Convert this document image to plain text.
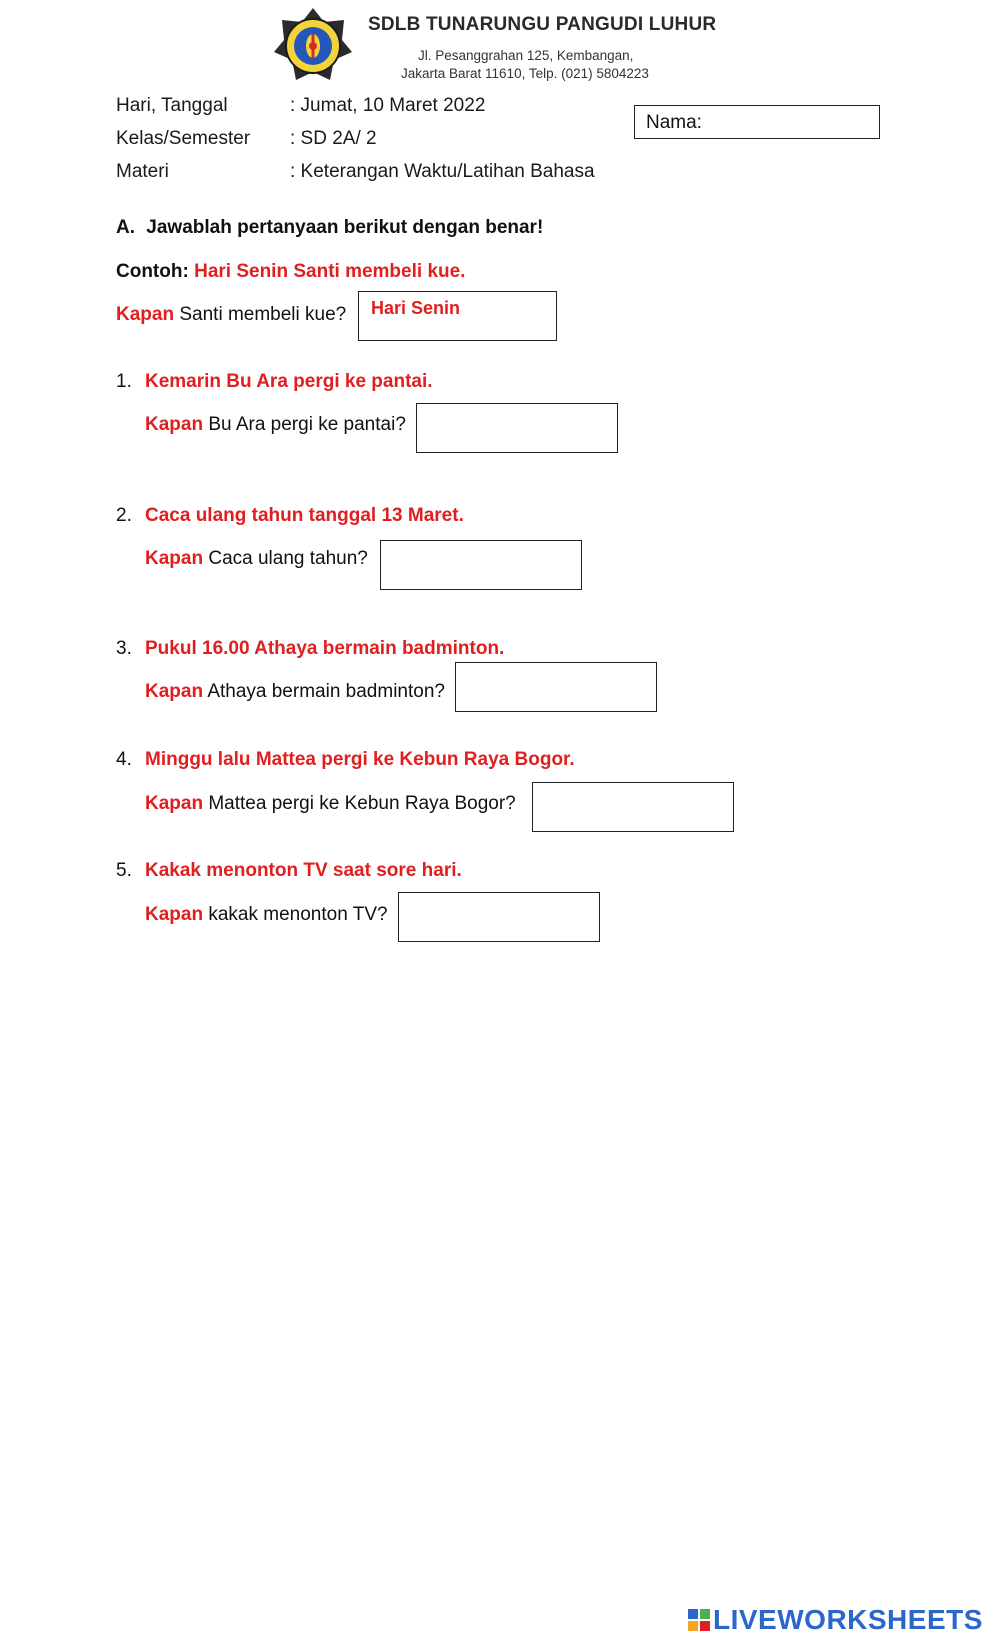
SDLB TUNARUNGU PANGUDI LUHUR
Jl. Pesanggrahan 125, Kembangan,
Jakarta Barat 11610, Telp. (021) 5804223
Hari, Tanggal	: Jumat, 10 Maret 2022
Kelas/Semester : SD 2A/ 2
Materi	: Keterangan Waktu/Latihan Bahasa
Nama:
A. Jawablah pertanyaan berikut dengan benar!
Contoh: Hari Senin Santi membeli kue.
Kapan Santi membeli kue?	Hari Senin
1. Kemarin Bu Ara pergi ke pantai.
Kapan Bu Ara pergi ke pantai?
2. Caca ulang tahun tanggal 13 Maret.
Kapan Caca ulang tahun?
3. Pukul 16.00 Athaya bermain badminton.
Kapan Athaya bermain badminton?
4. Minggu lalu Mattea pergi ke Kebun Raya Bogor.
Kapan Mattea pergi ke Kebun Raya Bogor?
5. Kakak menonton TV saat sore hari.
Kapan kakak menonton TV?
LIVEWORKSHEETS
